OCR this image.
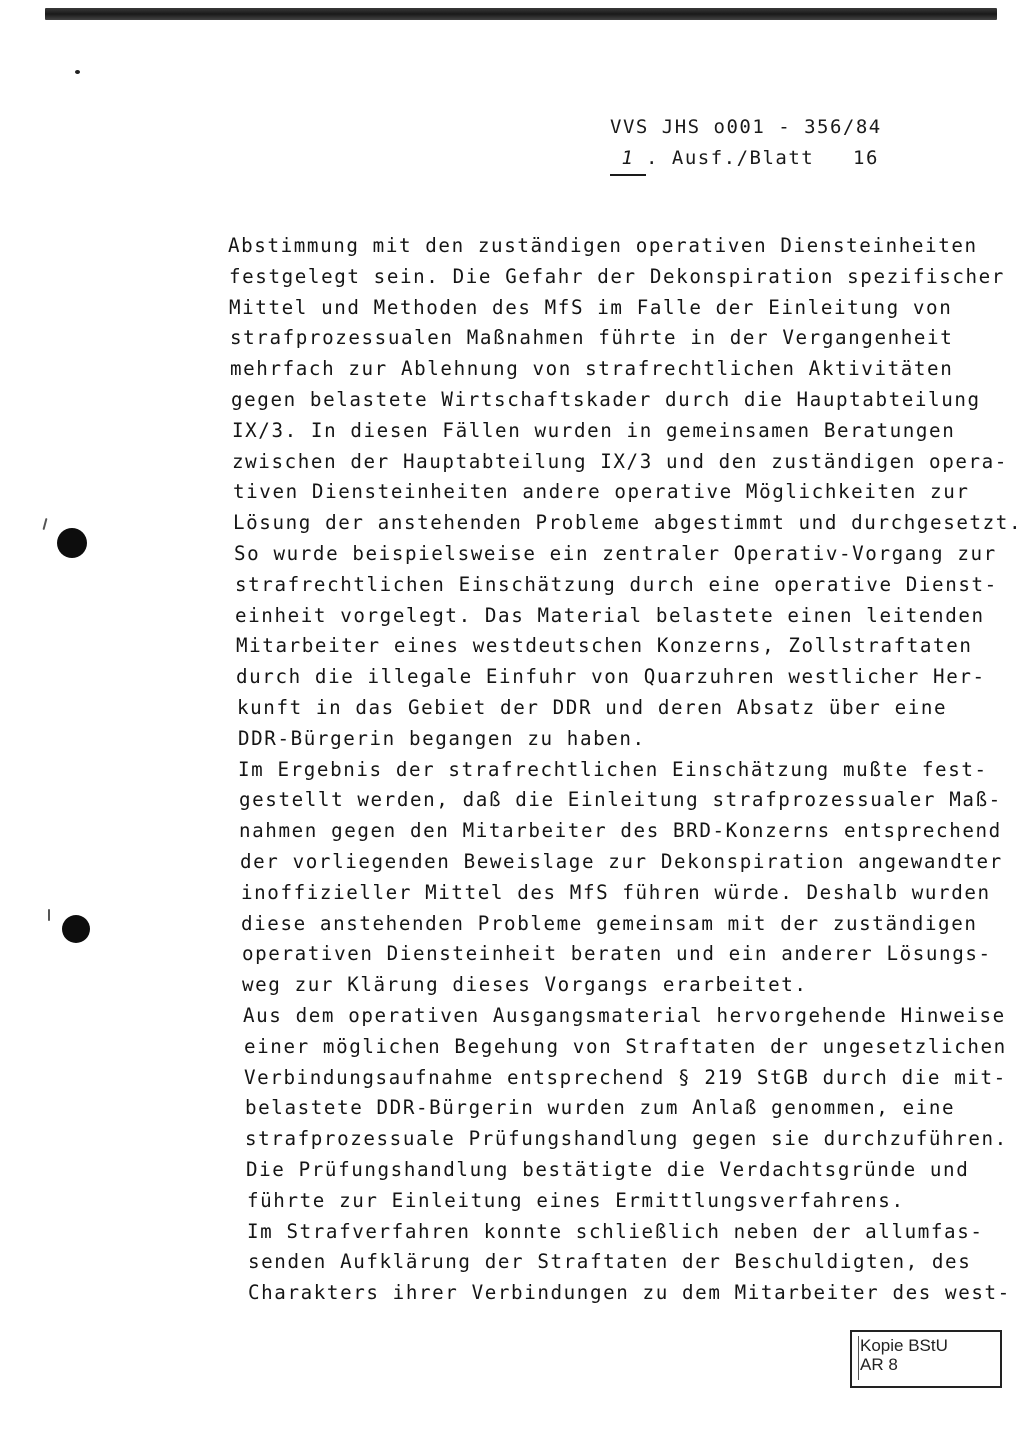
VVS JHS o001 - 356/84
1 . Ausf./Blatt 16
Abstimmung mit den zuständigen operativen Diensteinheiten
festgelegt sein. Die Gefahr der Dekonspiration spezifischer
Mittel und Methoden des MfS im Falle der Einleitung von
strafprozessualen Maßnahmen führte in der Vergangenheit
mehrfach zur Ablehnung von strafrechtlichen Aktivitäten
gegen belastete Wirtschaftskader durch die Hauptabteilung
IX/3. In diesen Fällen wurden in gemeinsamen Beratungen
zwischen der Hauptabteilung IX/3 und den zuständigen opera-
tiven Diensteinheiten andere operative Möglichkeiten zur
Lösung der anstehenden Probleme abgestimmt und durchgesetzt.
So wurde beispielsweise ein zentraler Operativ-Vorgang zur
strafrechtlichen Einschätzung durch eine operative Dienst-
einheit vorgelegt. Das Material belastete einen leitenden
Mitarbeiter eines westdeutschen Konzerns, Zollstraftaten
durch die illegale Einfuhr von Quarzuhren westlicher Her-
kunft in das Gebiet der DDR und deren Absatz über eine
DDR-Bürgerin begangen zu haben.
Im Ergebnis der strafrechtlichen Einschätzung mußte fest-
gestellt werden, daß die Einleitung strafprozessualer Maß-
nahmen gegen den Mitarbeiter des BRD-Konzerns entsprechend
der vorliegenden Beweislage zur Dekonspiration angewandter
inoffizieller Mittel des MfS führen würde. Deshalb wurden
diese anstehenden Probleme gemeinsam mit der zuständigen
operativen Diensteinheit beraten und ein anderer Lösungs-
weg zur Klärung dieses Vorgangs erarbeitet.
Aus dem operativen Ausgangsmaterial hervorgehende Hinweise
einer möglichen Begehung von Straftaten der ungesetzlichen
Verbindungsaufnahme entsprechend § 219 StGB durch die mit-
belastete DDR-Bürgerin wurden zum Anlaß genommen, eine
strafprozessuale Prüfungshandlung gegen sie durchzuführen.
Die Prüfungshandlung bestätigte die Verdachtsgründe und
führte zur Einleitung eines Ermittlungsverfahrens.
Im Strafverfahren konnte schließlich neben der allumfas-
senden Aufklärung der Straftaten der Beschuldigten, des
Charakters ihrer Verbindungen zu dem Mitarbeiter des west-
Kopie BStU
AR 8
